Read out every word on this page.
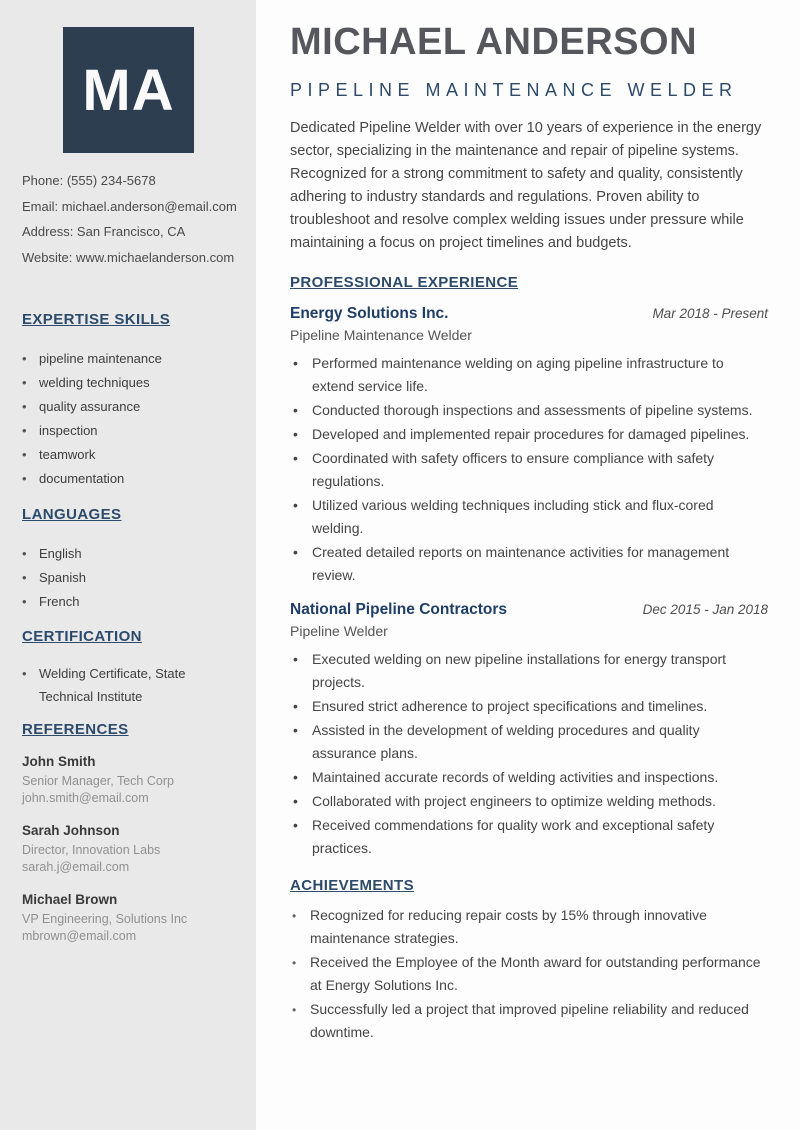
MA

Phone: (555) 234-5678

Email: michael.anderson@email.com

Address: San Francisco, CA

Website: www.michaelanderson.com

EXPERTISE SKILLS
• pipeline maintenance
• welding techniques
• quality assurance
• inspection
• teamwork
• documentation
LANGUAGES
• English
• Spanish
• French
CERTIFICATION
• Welding Certificate, State Technical Institute
REFERENCES

John Smith

Senior Manager, Tech Corp

john.smith@email.com

Sarah Johnson

Director, Innovation Labs

sarah.j@email.com

Michael Brown

VP Engineering, Solutions Inc

mbrown@email.com

MICHAEL ANDERSON
PIPELINE MAINTENANCE WELDER

Dedicated Pipeline Welder with over 10 years of experience in the energy sector, specializing in the maintenance and repair of pipeline systems. Recognized for a strong commitment to safety and quality, consistently adhering to industry standards and regulations. Proven ability to troubleshoot and resolve complex welding issues under pressure while maintaining a focus on project timelines and budgets.

PROFESSIONAL EXPERIENCE
Energy Solutions Inc.	Mar 2018 - Present
Pipeline Maintenance Welder
• Performed maintenance welding on aging pipeline infrastructure to extend service life.
• Conducted thorough inspections and assessments of pipeline systems.
• Developed and implemented repair procedures for damaged pipelines.
• Coordinated with safety officers to ensure compliance with safety regulations.
• Utilized various welding techniques including stick and flux-cored welding.
• Created detailed reports on maintenance activities for management review.
National Pipeline Contractors	Dec 2015 - Jan 2018
Pipeline Welder
• Executed welding on new pipeline installations for energy transport projects.
• Ensured strict adherence to project specifications and timelines.
• Assisted in the development of welding procedures and quality assurance plans.
• Maintained accurate records of welding activities and inspections.
• Collaborated with project engineers to optimize welding methods.
• Received commendations for quality work and exceptional safety practices.
ACHIEVEMENTS
• Recognized for reducing repair costs by 15% through innovative maintenance strategies.
• Received the Employee of the Month award for outstanding performance at Energy Solutions Inc.
• Successfully led a project that improved pipeline reliability and reduced downtime.
